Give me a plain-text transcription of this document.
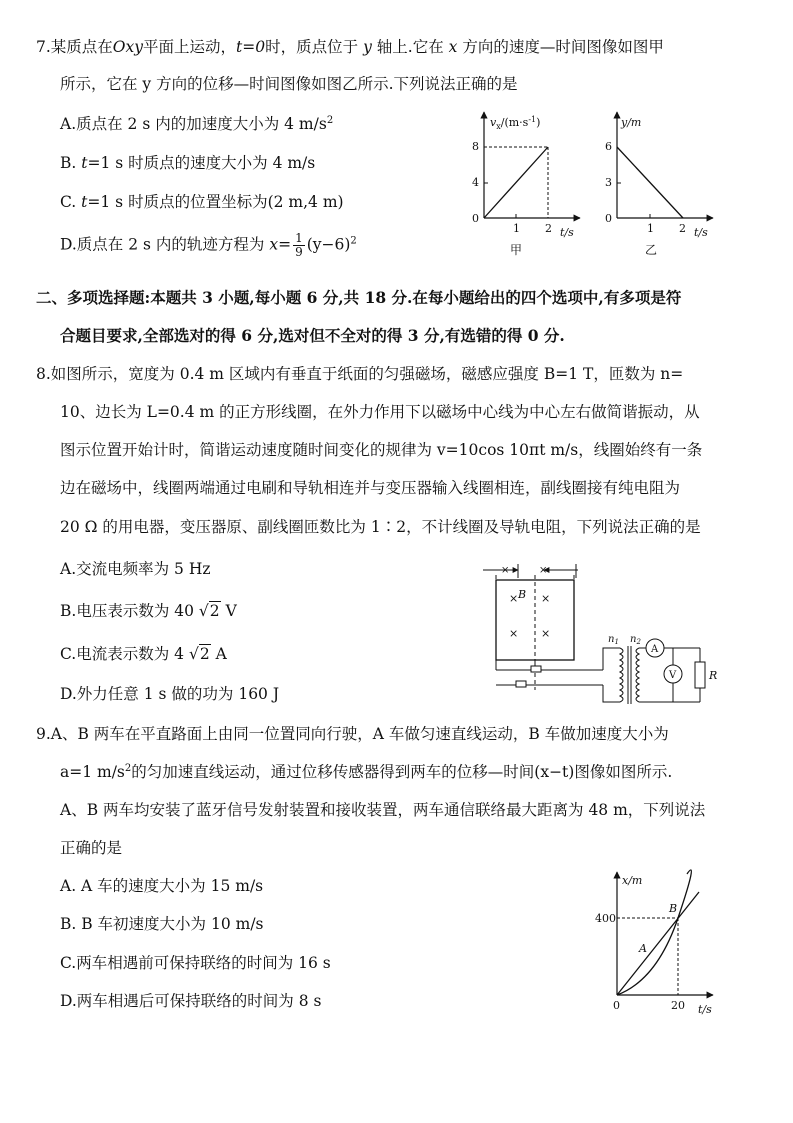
7.某质点在Oxy平面上运动，t=0时，质点位于 y 轴上.它在 x 方向的速度—时间图像如图甲
所示，它在 y 方向的位移—时间图像如图乙所示.下列说法正确的是
A.质点在 2 s 内的加速度大小为 4 $m/s^2$
B. t=1 s 时质点的速度大小为 4 m/s
C. t=1 s 时质点的位置坐标为(2 m,4 m)
D.质点在 2 s 内的轨迹方程为 $x= \frac{1}{9} (y-6)^2$
$v_x/(m\cdot s^{-1})$
8
4
0
1 2 t/s
甲
y/m
6
3
0
1 2 t/s
乙
二、多项选择题:本题共 3 小题,每小题 6 分,共 18 分.在每小题给出的四个选项中,有多项是符
合题目要求,全部选对的得 6 分,选对但不全对的得 3 分,有选错的得 0 分.
8.如图所示，宽度为 0.4 m 区域内有垂直于纸面的匀强磁场，磁感应强度 B=1 T，匝数为 n=
10、边长为 L=0.4 m 的正方形线圈，在外力作用下以磁场中心线为中心左右做简谐振动，从
图示位置开始计时，简谐运动速度随时间变化的规律为 v=10cos 10πt m/s，线圈始终有一条
边在磁场中，线圈两端通过电刷和导轨相连并与变压器输入线圈相连，副线圈接有纯电阻为
20 Ω 的用电器，变压器原、副线圈匝数比为 1∶2，不计线圈及导轨电阻，下列说法正确的是
A.交流电频率为 5 Hz
B.电压表示数为 40 √2 V
C.电流表示数为 4 √2 A
D.外力任意 1 s 做的功为 160 J
×
×
B
× ×
× ×	$n_1$ $n_2$
A
V	R
9.A、B 两车在平直路面上由同一位置同向行驶，A 车做匀速直线运动，B 车做加速度大小为
a=1 $m/s^2$的匀加速直线运动，通过位移传感器得到两车的位移—时间(x−t)图像如图所示.
A、B 两车均安装了蓝牙信号发射装置和接收装置，两车通信联络最大距离为 48 m，下列说法
正确的是
A. A 车的速度大小为 15 m/s
B. B 车初速度大小为 10 m/s
C.两车相遇前可保持联络的时间为 16 s
D.两车相遇后可保持联络的时间为 8 s
x/m
400
0	20 t/s
A
B
